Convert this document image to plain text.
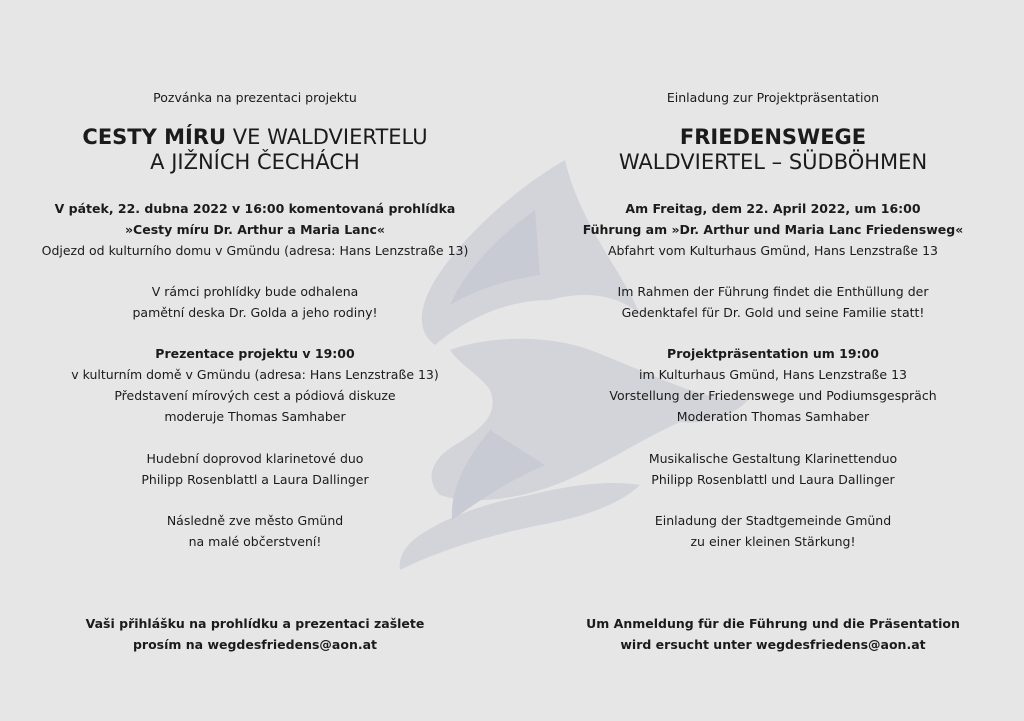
Pozvánka na prezentaci projektu

CESTY MÍRU VE WALDVIERTELU
A JIŽNÍCH ČECHÁCH

V pátek, 22. dubna 2022 v 16:00 komentovaná prohlídka

»Cesty míru Dr. Arthur a Maria Lanc«

Odjezd od kulturního domu v Gmündu (adresa: Hans Lenzstraße 13)

V rámci prohlídky bude odhalena

pamětní deska Dr. Golda a jeho rodiny!

Prezentace projektu v 19:00

v kulturním domě v Gmündu (adresa: Hans Lenzstraße 13)

Představení mírových cest a pódiová diskuze

moderuje Thomas Samhaber

Hudební doprovod klarinetové duo

Philipp Rosenblattl a Laura Dallinger

Následně zve město Gmünd

na malé občerstvení!

Vaši přihlášku na prohlídku a prezentaci zašlete

prosím na wegdesfriedens@aon.at

Einladung zur Projektpräsentation

FRIEDENSWEGE
WALDVIERTEL – SÜDBÖHMEN

Am Freitag, dem 22. April 2022, um 16:00

Führung am »Dr. Arthur und Maria Lanc Friedensweg«

Abfahrt vom Kulturhaus Gmünd, Hans Lenzstraße 13

Im Rahmen der Führung findet die Enthüllung der

Gedenktafel für Dr. Gold und seine Familie statt!

Projektpräsentation um 19:00

im Kulturhaus Gmünd, Hans Lenzstraße 13

Vorstellung der Friedenswege und Podiumsgespräch

Moderation Thomas Samhaber

Musikalische Gestaltung Klarinettenduo

Philipp Rosenblattl und Laura Dallinger

Einladung der Stadtgemeinde Gmünd

zu einer kleinen Stärkung!

Um Anmeldung für die Führung und die Präsentation

wird ersucht unter wegdesfriedens@aon.at
